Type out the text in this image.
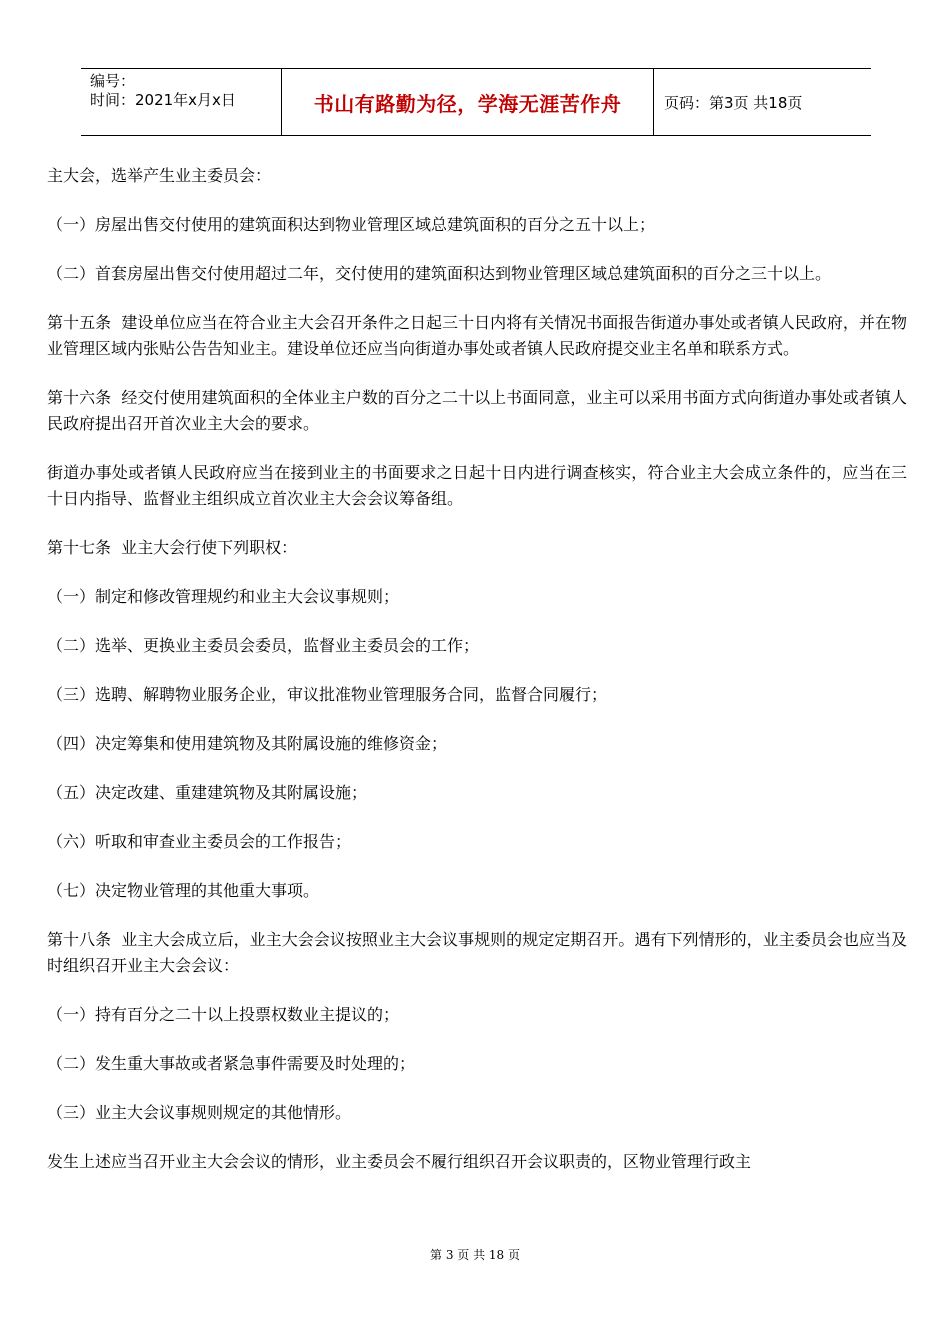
编号：
时间：2021年x月x日	书山有路勤为径，学海无涯苦作舟	页码：第3页 共18页

主大会，选举产生业主委员会：

（一）房屋出售交付使用的建筑面积达到物业管理区域总建筑面积的百分之五十以上；

（二）首套房屋出售交付使用超过二年，交付使用的建筑面积达到物业管理区域总建筑面积的百分之三十以上。

第十五条  建设单位应当在符合业主大会召开条件之日起三十日内将有关情况书面报告街道办事处或者镇人民政府，并在物业管理区域内张贴公告告知业主。建设单位还应当向街道办事处或者镇人民政府提交业主名单和联系方式。

第十六条  经交付使用建筑面积的全体业主户数的百分之二十以上书面同意，业主可以采用书面方式向街道办事处或者镇人民政府提出召开首次业主大会的要求。

街道办事处或者镇人民政府应当在接到业主的书面要求之日起十日内进行调查核实，符合业主大会成立条件的，应当在三十日内指导、监督业主组织成立首次业主大会会议筹备组。

第十七条  业主大会行使下列职权：

（一）制定和修改管理规约和业主大会议事规则；

（二）选举、更换业主委员会委员，监督业主委员会的工作；

（三）选聘、解聘物业服务企业，审议批准物业管理服务合同，监督合同履行；

（四）决定筹集和使用建筑物及其附属设施的维修资金；

（五）决定改建、重建建筑物及其附属设施；

（六）听取和审查业主委员会的工作报告；

（七）决定物业管理的其他重大事项。

第十八条  业主大会成立后，业主大会会议按照业主大会议事规则的规定定期召开。遇有下列情形的，业主委员会也应当及时组织召开业主大会会议：

（一）持有百分之二十以上投票权数业主提议的；

（二）发生重大事故或者紧急事件需要及时处理的；

（三）业主大会议事规则规定的其他情形。

发生上述应当召开业主大会会议的情形，业主委员会不履行组织召开会议职责的，区物业管理行政主

第 3 页 共 18 页
